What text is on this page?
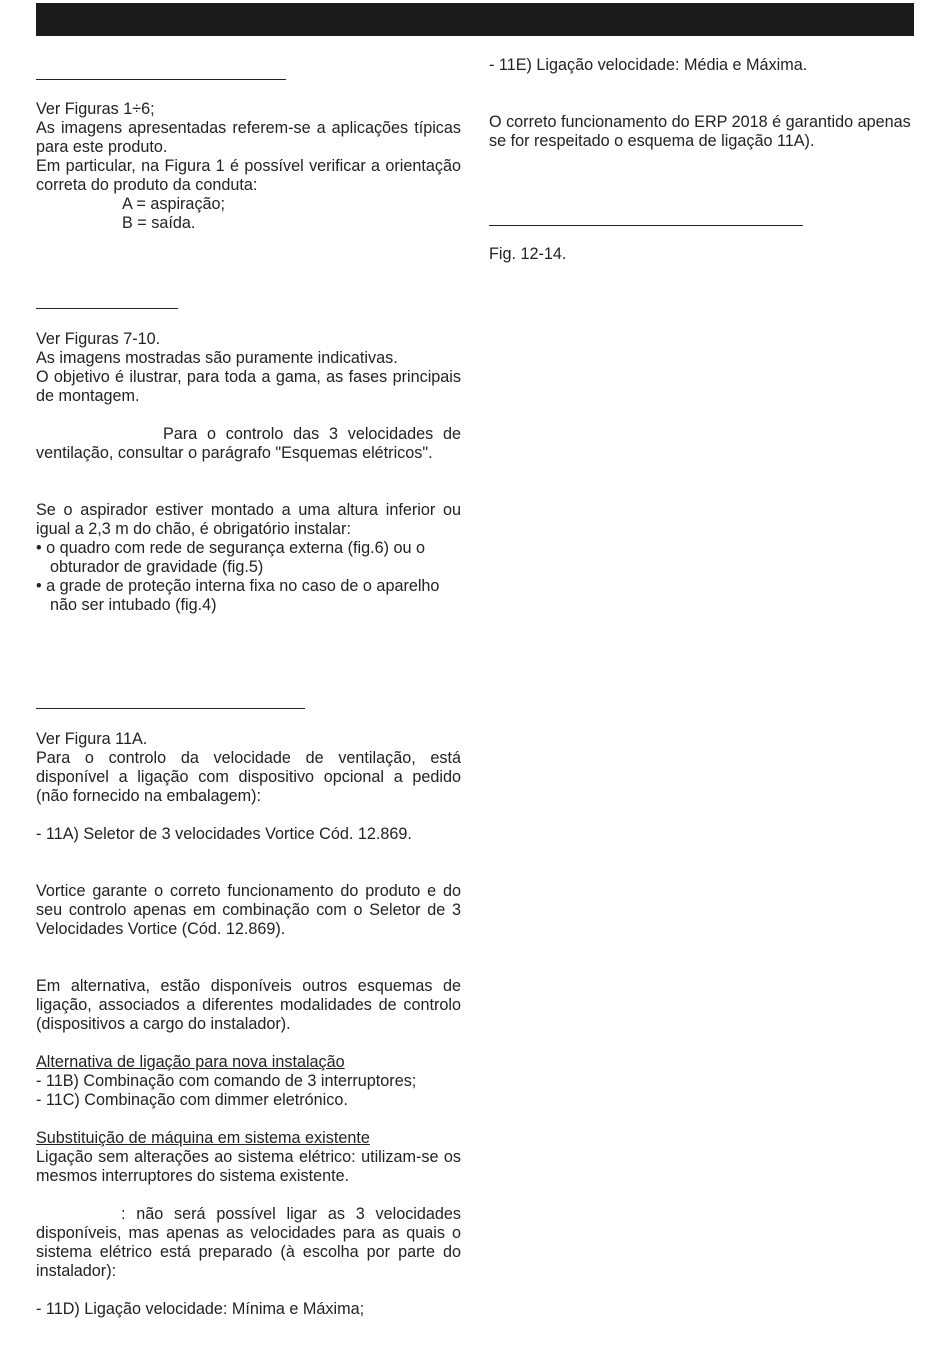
Ver Figuras 1÷6;

As imagens apresentadas referem-se a aplicações típicas para este produto.

Em particular, na Figura 1 é possível verificar a orientação correta do produto da conduta:

A = aspiração;

B = saída.

Ver Figuras 7-10.

As imagens mostradas são puramente indicativas.

O objetivo é ilustrar, para toda a gama, as fases principais de montagem.

Para o controlo das 3 velocidades de ventilação, consultar o parágrafo "Esquemas elétricos".

Se o aspirador estiver montado a uma altura inferior ou igual a 2,3 m do chão, é obrigatório instalar:

• o quadro com rede de segurança externa (fig.6) ou o obturador de gravidade (fig.5)

• a grade de proteção interna fixa no caso de o aparelho não ser intubado (fig.4)

Ver Figura 11A.

Para o controlo da velocidade de ventilação, está disponível a ligação com dispositivo opcional a pedido (não fornecido na embalagem):

- 11A) Seletor de 3 velocidades Vortice Cód. 12.869.

Vortice garante o correto funcionamento do produto e do seu controlo apenas em combinação com o Seletor de 3 Velocidades Vortice (Cód. 12.869).

Em alternativa, estão disponíveis outros esquemas de ligação, associados a diferentes modalidades de controlo (dispositivos a cargo do instalador).

Alternativa de ligação para nova instalação

- 11B) Combinação com comando de 3 interruptores;

- 11C) Combinação com dimmer eletrónico.

Substituição de máquina em sistema existente

Ligação sem alterações ao sistema elétrico: utilizam-se os mesmos interruptores do sistema existente.

: não será possível ligar as 3 velocidades disponíveis, mas apenas as velocidades para as quais o sistema elétrico está preparado (à escolha por parte do instalador):

- 11D) Ligação velocidade: Mínima e Máxima;

- 11E) Ligação velocidade: Média e Máxima.

O correto funcionamento do ERP 2018 é garantido apenas se for respeitado o esquema de ligação 11A).

Fig. 12-14.
